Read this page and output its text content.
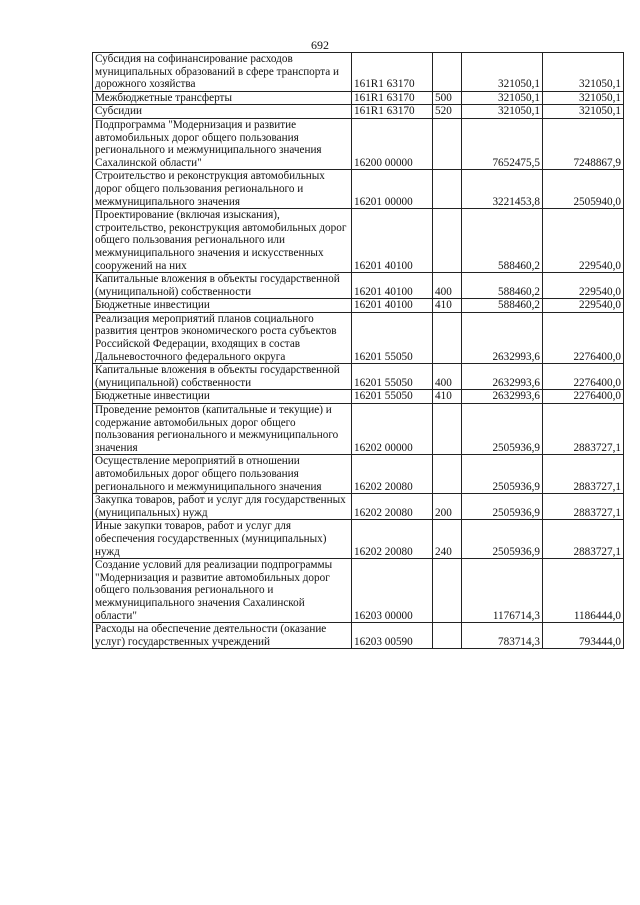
692
Субсидия на софинансирование расходов муниципальных образований в сфере транспорта и дорожного хозяйства	161R1 63170		321050,1	321050,1
Межбюджетные трансферты	161R1 63170	500	321050,1	321050,1
Субсидии	161R1 63170	520	321050,1	321050,1
Подпрограмма "Модернизация и развитие автомобильных дорог общего пользования регионального и межмуниципального значения Сахалинской области"	16200 00000		7652475,5	7248867,9
Строительство и реконструкция автомобильных дорог общего пользования регионального и межмуниципального значения	16201 00000		3221453,8	2505940,0
Проектирование (включая изыскания), строительство, реконструкция автомобильных дорог общего пользования регионального или межмуниципального значения и искусственных сооружений на них	16201 40100		588460,2	229540,0
Капитальные вложения в объекты государственной (муниципальной) собственности	16201 40100	400	588460,2	229540,0
Бюджетные инвестиции	16201 40100	410	588460,2	229540,0
Реализация мероприятий планов социального развития центров экономического роста субъектов Российской Федерации, входящих в состав Дальневосточного федерального округа	16201 55050		2632993,6	2276400,0
Капитальные вложения в объекты государственной (муниципальной) собственности	16201 55050	400	2632993,6	2276400,0
Бюджетные инвестиции	16201 55050	410	2632993,6	2276400,0
Проведение ремонтов (капитальные и текущие) и содержание автомобильных дорог общего пользования регионального и межмуниципального значения	16202 00000		2505936,9	2883727,1
Осуществление мероприятий в отношении автомобильных дорог общего пользования регионального и межмуниципального значения	16202 20080		2505936,9	2883727,1
Закупка товаров, работ и услуг для государственных (муниципальных) нужд	16202 20080	200	2505936,9	2883727,1
Иные закупки товаров, работ и услуг для обеспечения государственных (муниципальных) нужд	16202 20080	240	2505936,9	2883727,1
Создание условий для реализации подпрограммы "Модернизация и развитие автомобильных дорог общего пользования регионального и межмуниципального значения Сахалинской области"	16203 00000		1176714,3	1186444,0
Расходы на обеспечение деятельности (оказание услуг) государственных учреждений	16203 00590		783714,3	793444,0
